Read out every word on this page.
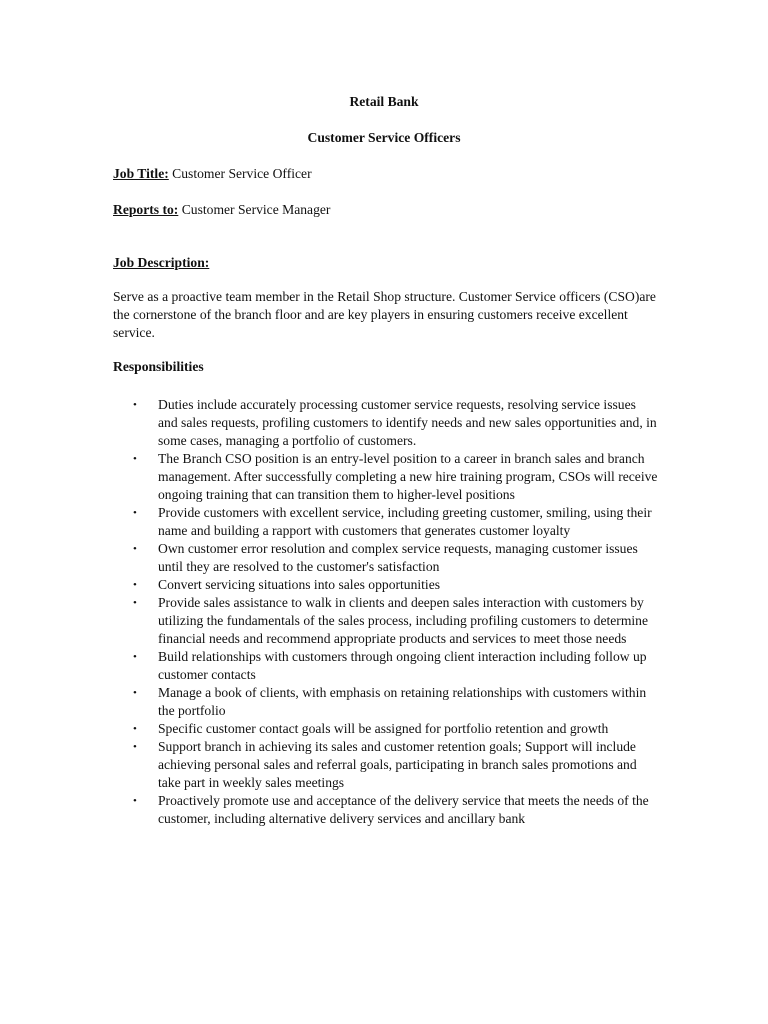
Retail Bank
Customer Service Officers
Job Title: Customer Service Officer
Reports to: Customer Service Manager
Job Description:
Serve as a proactive team member in the Retail Shop structure. Customer Service officers (CSO)are the cornerstone of the branch floor and are key players in ensuring customers receive excellent service.
Responsibilities
• Duties include accurately processing customer service requests, resolving service issues and sales requests, profiling customers to identify needs and new sales opportunities and, in some cases, managing a portfolio of customers.
• The Branch CSO position is an entry-level position to a career in branch sales and branch management. After successfully completing a new hire training program, CSOs will receive ongoing training that can transition them to higher-level positions
• Provide customers with excellent service, including greeting customer, smiling, using their name and building a rapport with customers that generates customer loyalty
• Own customer error resolution and complex service requests, managing customer issues until they are resolved to the customer's satisfaction
• Convert servicing situations into sales opportunities
• Provide sales assistance to walk in clients and deepen sales interaction with customers by utilizing the fundamentals of the sales process, including profiling customers to determine financial needs and recommend appropriate products and services to meet those needs
• Build relationships with customers through ongoing client interaction including follow up customer contacts
• Manage a book of clients, with emphasis on retaining relationships with customers within the portfolio
• Specific customer contact goals will be assigned for portfolio retention and growth
• Support branch in achieving its sales and customer retention goals; Support will include achieving personal sales and referral goals, participating in branch sales promotions and take part in weekly sales meetings
• Proactively promote use and acceptance of the delivery service that meets the needs of the customer, including alternative delivery services and ancillary bank
